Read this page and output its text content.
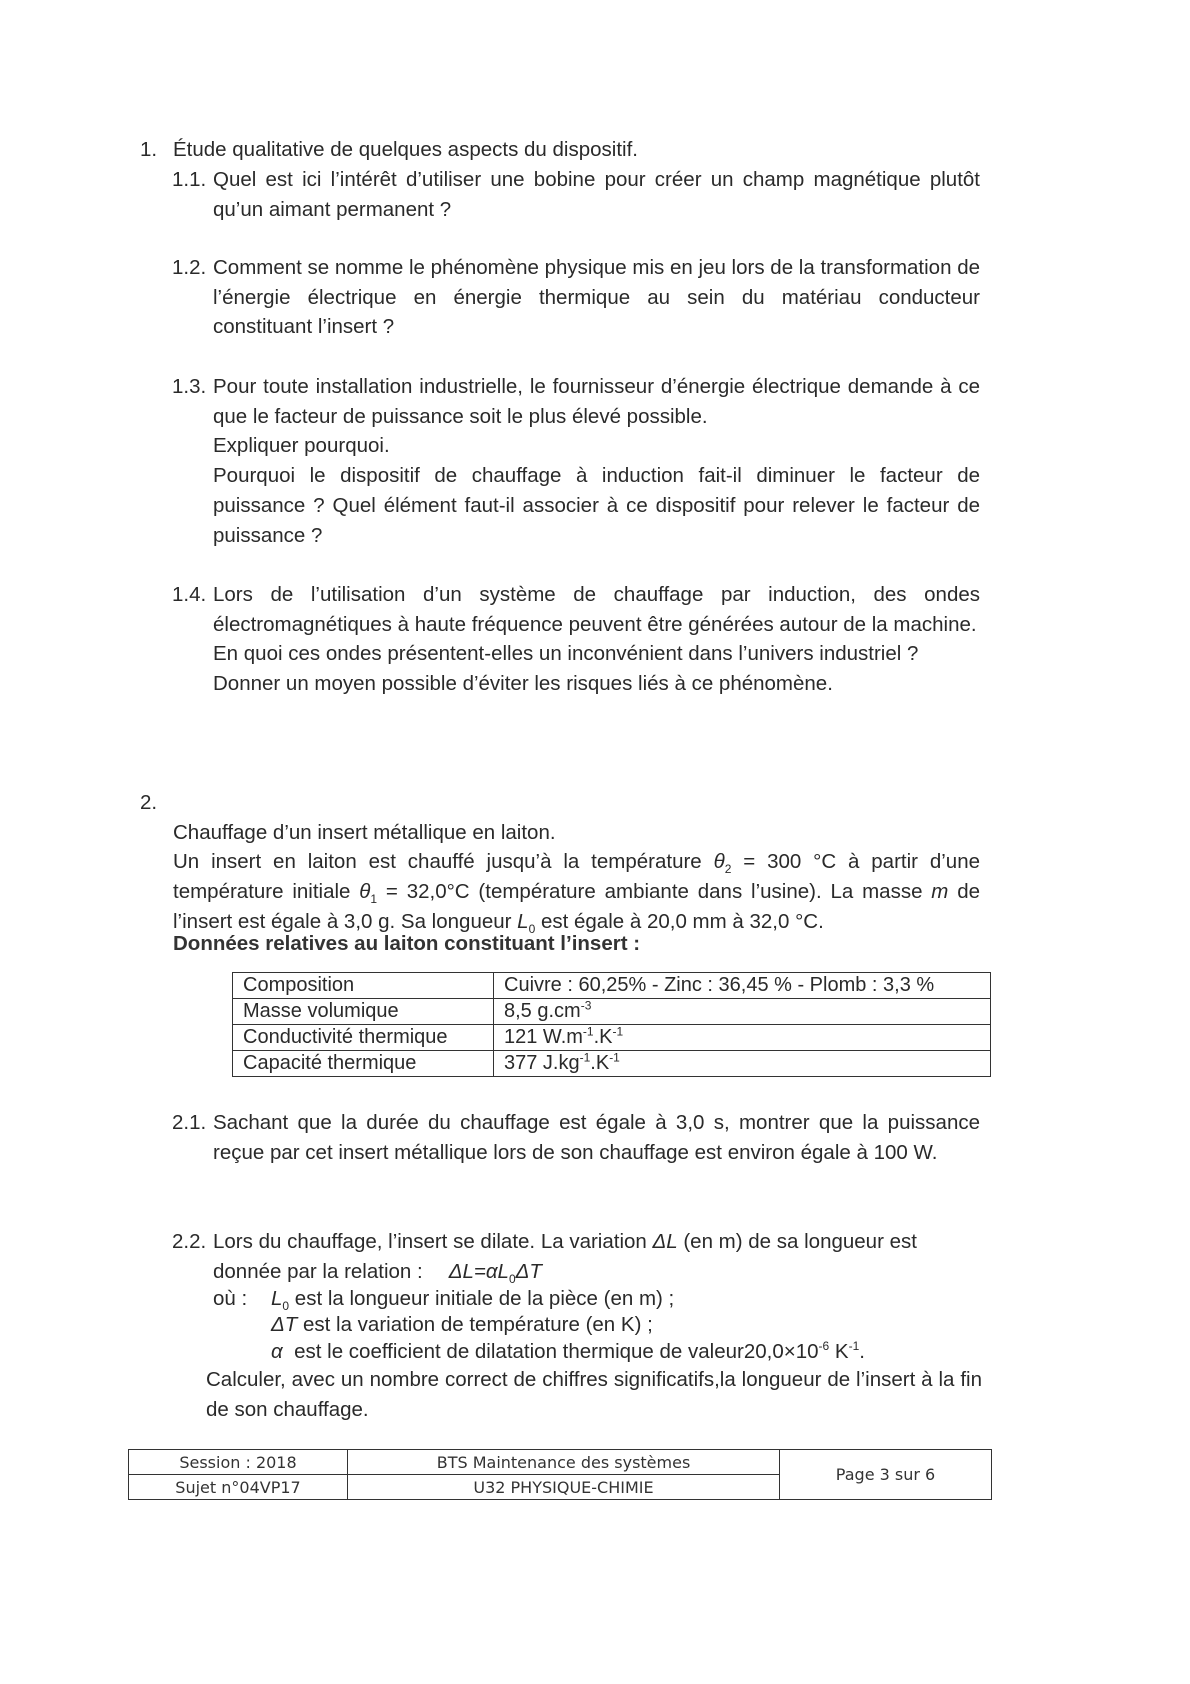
1. Étude qualitative de quelques aspects du dispositif.
1.1. Quel est ici l’intérêt d’utiliser une bobine pour créer un champ magnétique plutôt qu’un aimant permanent ?
1.2. Comment se nomme le phénomène physique mis en jeu lors de la transformation de l’énergie électrique en énergie thermique au sein du matériau conducteur constituant l’insert ?
1.3. Pour toute installation industrielle, le fournisseur d’énergie électrique demande à ce que le facteur de puissance soit le plus élevé possible.
Expliquer pourquoi.
Pourquoi le dispositif de chauffage à induction fait-il diminuer le facteur de puissance ? Quel élément faut-il associer à ce dispositif pour relever le facteur de puissance ?
1.4. Lors de l’utilisation d’un système de chauffage par induction, des ondes électromagnétiques à haute fréquence peuvent être générées autour de la machine.
En quoi ces ondes présentent-elles un inconvénient dans l’univers industriel ?
Donner un moyen possible d’éviter les risques liés à ce phénomène.
2.
Chauffage d’un insert métallique en laiton.
Un insert en laiton est chauffé jusqu’à la température $\theta_2 = 300$ °C à partir d’une température initiale $\theta_1 = 32,0^\circ C$ (température ambiante dans l’usine). La masse m de l’insert est égale à 3,0 g. Sa longueur $L_0$ est égale à 20,0 mm à 32,0 °C.
Données relatives au laiton constituant l’insert :
Composition	Cuivre : 60,25% - Zinc : 36,45 % - Plomb : 3,3 %
Masse volumique	8,5 $g.cm^{-3}$
Conductivité thermique	121 $W.m^{-1}.K^{-1}$
Capacité thermique	377 $J.kg^{-1}.K^{-1}$
2.1. Sachant que la durée du chauffage est égale à 3,0 s, montrer que la puissance reçue par cet insert métallique lors de son chauffage est environ égale à 100 W.
2.2. Lors du chauffage, l’insert se dilate. La variation ΔL (en m) de sa longueur est
donnée par la relation : $\Delta L=\alpha L_0\Delta T$
où : $L_0$ est la longueur initiale de la pièce (en m) ;
ΔT est la variation de température (en K) ;
α  est le coefficient de dilatation thermique de $valeur20,0\times 10^{-6}$ $K^{-1}$.
Calculer, avec un nombre correct de chiffres significatifs,la longueur de l’insert à la fin de son chauffage.
Session : 2018	BTS Maintenance des systèmes	Page 3 sur 6
Sujet n°04VP17	U32 PHYSIQUE-CHIMIE	
